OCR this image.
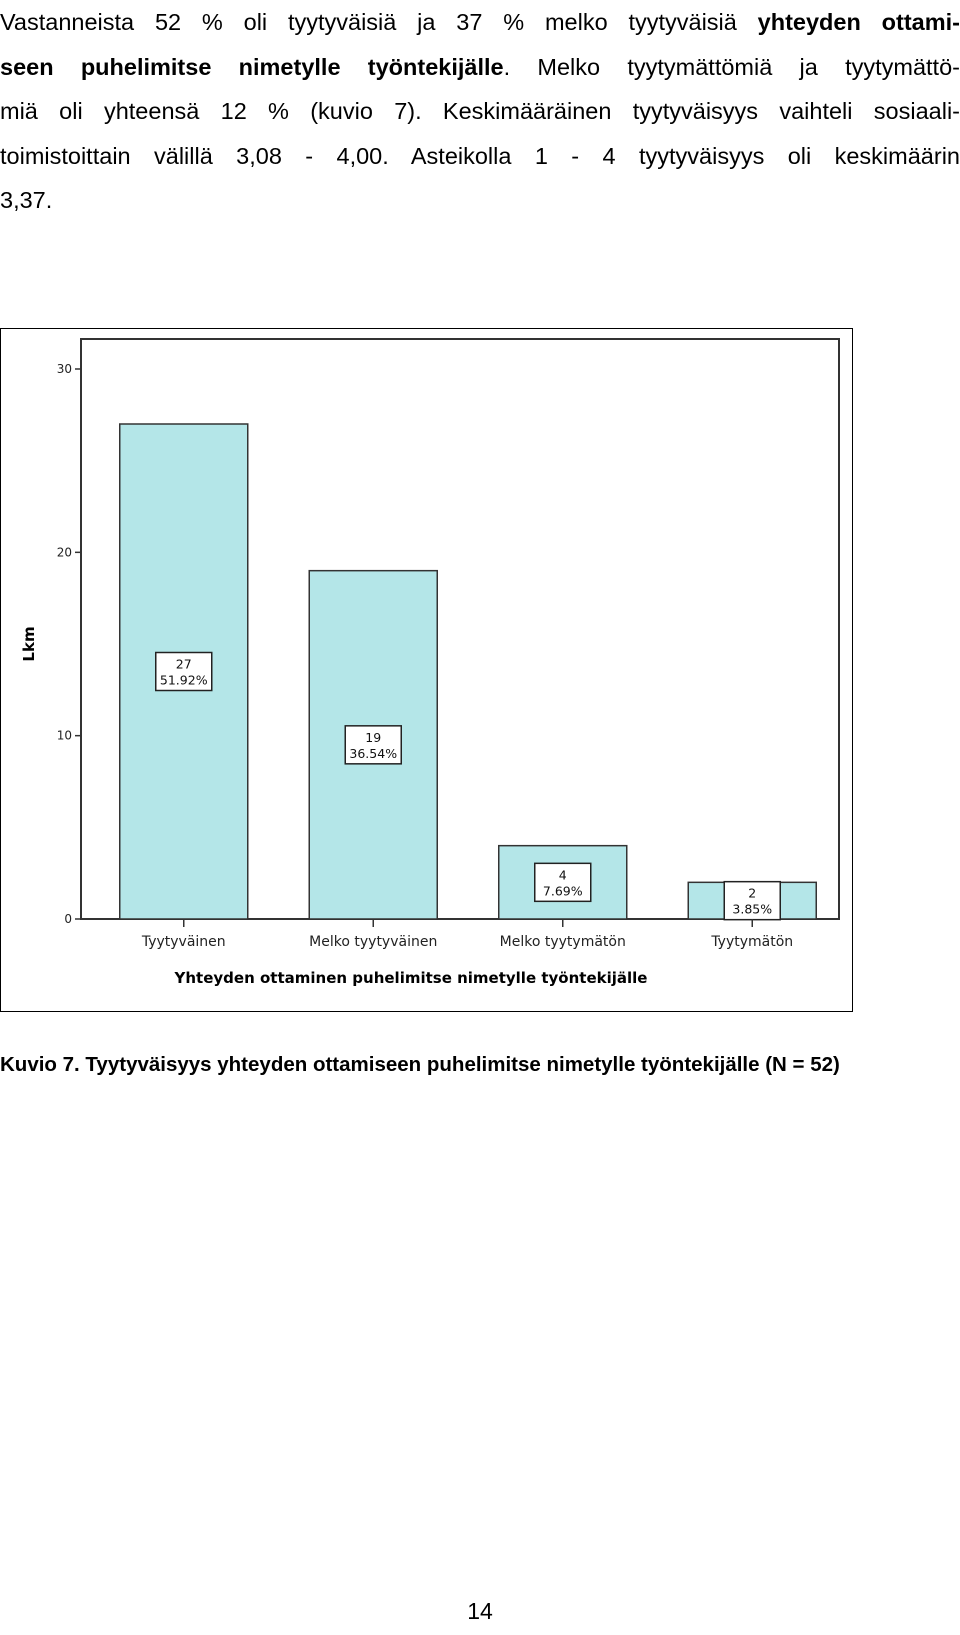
Vastanneista 52 % oli tyytyväisiä ja 37 % melko tyytyväisiä yhteyden ottami-
seen puhelimitse nimetylle työntekijälle. Melko tyytymättömiä ja tyytymättö-
miä oli yhteensä 12 % (kuvio 7). Keskimääräinen tyytyväisyys vaihteli sosiaali-
toimistoittain välillä 3,08 - 4,00. Asteikolla 1 - 4 tyytyväisyys oli keskimäärin
3,37.
0
10
20
30
27
51.92%
19
36.54%
4
7.69%	2
3.85%
Tyytyväinen	Melko tyytyväinen	Melko tyytymätön	Tyytymätön
Lkm
Yhteyden ottaminen puhelimitse nimetylle työntekijälle
Kuvio 7. Tyytyväisyys yhteyden ottamiseen puhelimitse nimetylle työntekijälle (N = 52)
14
